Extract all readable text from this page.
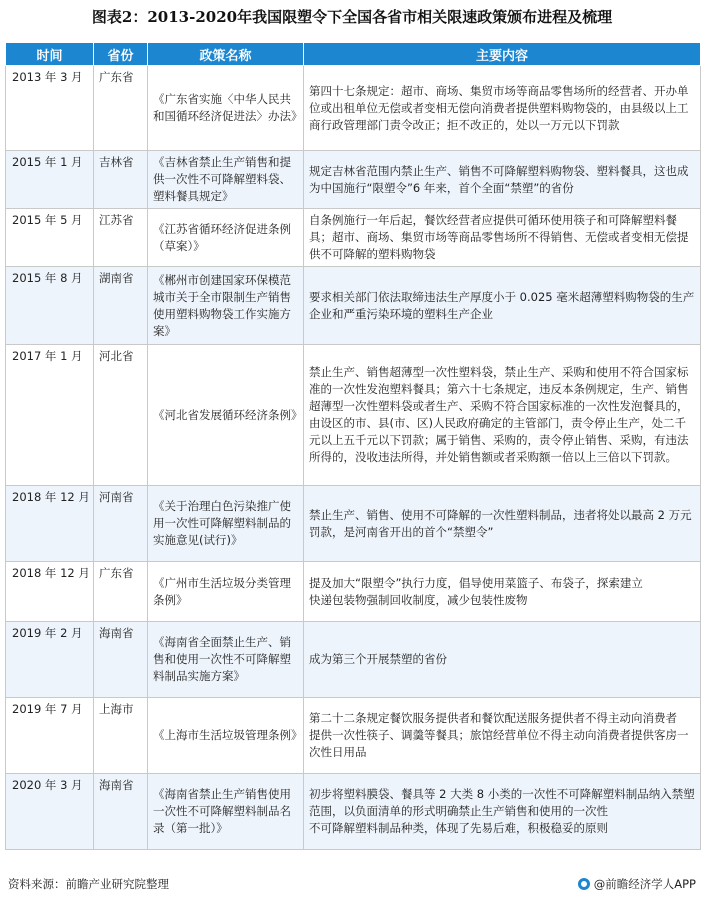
图表2：2013-2020年我国限塑令下全国各省市相关限速政策颁布进程及梳理
时间	省份	政策名称	主要内容
2013 年 3 月	广东省	《广东省实施〈中华人民共和国循环经济促进法〉办法》	第四十七条规定：超市、商场、集贸市场等商品零售场所的经营者、开办单位或出租单位无偿或者变相无偿向消费者提供塑料购物袋的，由县级以上工商行政管理部门责令改正；拒不改正的，处以一万元以下罚款
2015 年 1 月	吉林省	《吉林省禁止生产销售和提供一次性不可降解塑料袋、塑料餐具规定》	规定吉林省范围内禁止生产、销售不可降解塑料购物袋、塑料餐具，这也成为中国施行“限塑令”6 年来，首个全面“禁塑”的省份
2015 年 5 月	江苏省	《江苏省循环经济促进条例（草案）》	自条例施行一年后起，餐饮经营者应提供可循环使用筷子和可降解塑料餐具；超市、商场、集贸市场等商品零售场所不得销售、无偿或者变相无偿提供不可降解的塑料购物袋
2015 年 8 月	湖南省	《郴州市创建国家环保模范城市关于全市限制生产销售使用塑料购物袋工作实施方案》	要求相关部门依法取缔违法生产厚度小于 0.025 毫米超薄塑料购物袋的生产企业和严重污染环境的塑料生产企业
2017 年 1 月	河北省	《河北省发展循环经济条例》	禁止生产、销售超薄型一次性塑料袋，禁止生产、采购和使用不符合国家标准的一次性发泡塑料餐具；第六十七条规定，违反本条例规定，生产、销售超薄型一次性塑料袋或者生产、采购不符合国家标准的一次性发泡餐具的，由设区的市、县(市、区)人民政府确定的主管部门，责令停止生产，处二千元以上五千元以下罚款；属于销售、采购的，责令停止销售、采购，有违法所得的，没收违法所得，并处销售额或者采购额一倍以上三倍以下罚款。
2018 年 12 月	河南省	《关于治理白色污染推广使用一次性可降解塑料制品的实施意见(试行)》	禁止生产、销售、使用不可降解的一次性塑料制品，违者将处以最高 2 万元罚款，是河南省开出的首个“禁塑令”
2018 年 12 月	广东省	《广州市生活垃圾分类管理条例》	提及加大“限塑令”执行力度，倡导使用菜篮子、布袋子，探索建立
快递包装物强制回收制度，减少包装性废物
2019 年 2 月	海南省	《海南省全面禁止生产、销售和使用一次性不可降解塑料制品实施方案》	成为第三个开展禁塑的省份
2019 年 7 月	上海市	《上海市生活垃圾管理条例》	第二十二条规定餐饮服务提供者和餐饮配送服务提供者不得主动向消费者
提供一次性筷子、调羹等餐具；旅馆经营单位不得主动向消费者提供客房一次性日用品
2020 年 3 月	海南省	《海南省禁止生产销售使用一次性不可降解塑料制品名录（第一批）》	初步将塑料膜袋、餐具等 2 大类 8 小类的一次性不可降解塑料制品纳入禁塑范围，以负面清单的形式明确禁止生产销售和使用的一次性
不可降解塑料制品种类，体现了先易后难，积极稳妥的原则
资料来源：前瞻产业研究院整理	@前瞻经济学人APP
